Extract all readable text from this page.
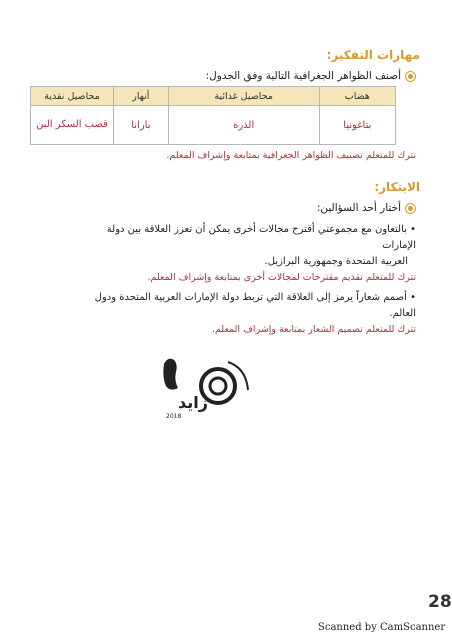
مهارات التفكير:
أصنف الظواهر الجغرافية التالية وفق الجدول:
هضاب	محاصيل غذائية	أنهار	محاصيل نقدية
بتاغونيا	الذرة	بارانا	قصب السكر البن
تترك للمتعلم تصنيف الظواهر الجغرافية بمتابعة وإشراف المعلم.
الابتكار:
أختار أحد السؤالين:
• بالتعاون مع مجموعتي أقترح مجالات أخرى يمكن أن تعزز العلاقة بين دولة الإمارات
العربية المتحدة وجمهورية البرازيل.
تترك للمتعلم تقديم مقترحات لمجالات أخرى بمتابعة وإشراف المعلم.
• أصمم شعاراً يرمز إلى العلاقة التي تربط دولة الإمارات العربية المتحدة ودول العالم.
تترك للمتعلم تصميم الشعار بمتابعة وإشراف المعلم.
زايد
2018
28
Scanned by CamScanner
